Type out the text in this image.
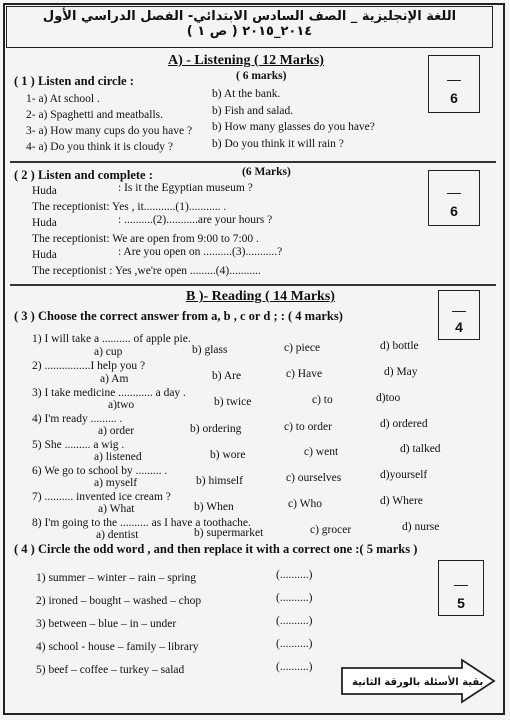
اللغة الإنجليزية _ الصف السادس الابتدائي- الفصل الدراسي الأول ٢٠١٤_٢٠١٥ ( ص ١ )
A) - Listening ( 12 Marks)
( 1 ) Listen and circle :	( 6 marks)
6
1- a) At school .	b) At the bank.
2- a) Spaghetti and meatballs.	b) Fish and salad.
3- a) How many cups do you have ? b) How many glasses do you have?
4- a) Do you think it is cloudy ?	b) Do you think it will rain ?
( 2 ) Listen and complete :	(6 Marks)
6
Huda	: Is it the Egyptian museum ?
The receptionist: Yes , it...........(1)........... .
Huda	: ..........(2)...........are your hours ?
The receptionist: We are open from 9:00 to 7:00 .
Huda	: Are you open on ..........(3)...........?
The receptionist : Yes ,we're open .........(4)...........
B )- Reading ( 14 Marks)
4
( 3 ) Choose the correct answer from a, b , c or d ; : ( 4 marks)
1) I will take a .......... of apple pie.
a) cup	b) glass	c) piece	d) bottle
2) ................I help you ?
a) Am	b) Are	c) Have	d) May
3) I take medicine ............ a day .
a)two	b) twice	c) to	d)too
4) I'm ready ......... .
a) order	b) ordering	c) to order	d) ordered
5) She ......... a wig .
a) listened	b) wore	c) went	d) talked
6) We go to school by ......... .
a) myself	b) himself	c) ourselves	d)yourself
7) .......... invented ice cream ?
a) What	b) When	c) Who	d) Where
8) I'm going to the .......... as I have a toothache.
a) dentist	b) supermarket	c) grocer	d) nurse
( 4 ) Circle the odd word , and then replace it with a correct one :( 5 marks )
5
1) summer – winter – rain – spring	(..........)
2) ironed – bought – washed – chop	(..........)
3) between – blue – in – under	(..........)
4) school - house – family – library	(..........)
5) beef – coffee – turkey – salad	(..........)
بقية الأسئلة بالورقة الثانية
